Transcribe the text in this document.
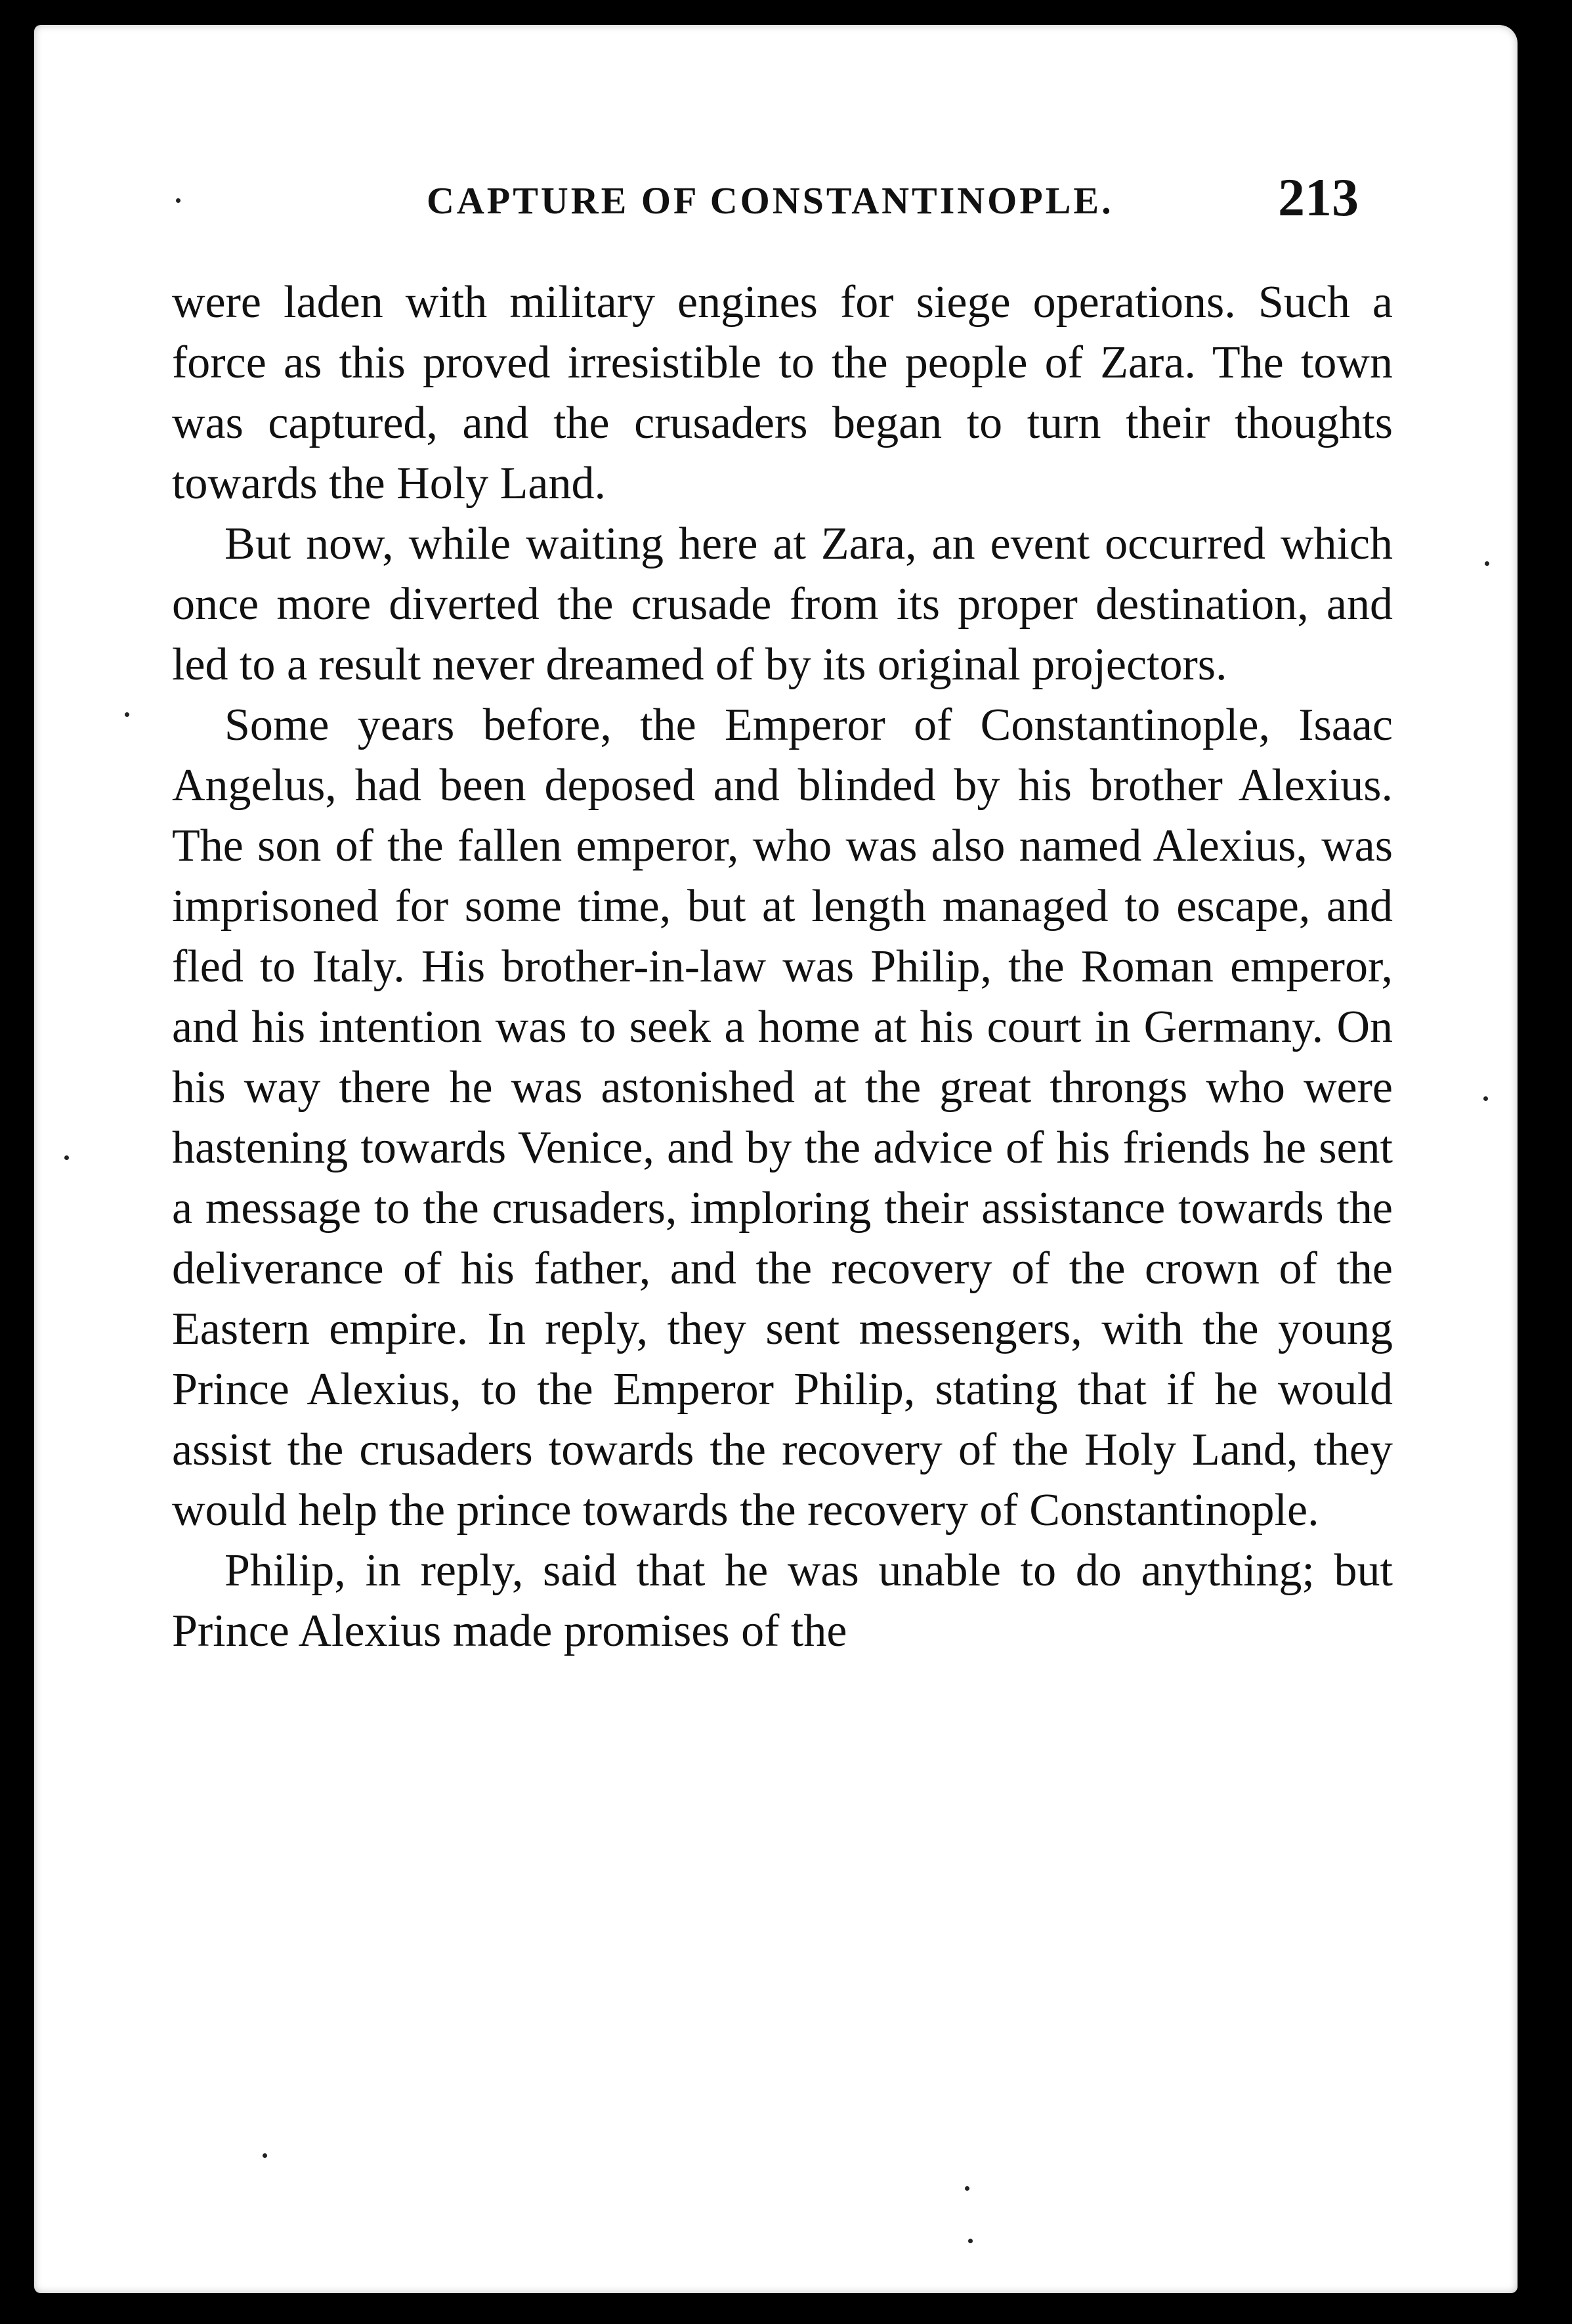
CAPTURE OF CONSTANTINOPLE.	213

were laden with military engines for siege operations. Such a force as this proved irresistible to the people of Zara. The town was captured, and the crusaders began to turn their thoughts towards the Holy Land.

But now, while waiting here at Zara, an event occurred which once more diverted the crusade from its proper destination, and led to a result never dreamed of by its original projectors.

Some years before, the Emperor of Constantinople, Isaac Angelus, had been deposed and blinded by his brother Alexius. The son of the fallen emperor, who was also named Alexius, was imprisoned for some time, but at length managed to escape, and fled to Italy. His brother-in-law was Philip, the Roman emperor, and his intention was to seek a home at his court in Germany. On his way there he was astonished at the great throngs who were hastening towards Venice, and by the advice of his friends he sent a message to the crusaders, imploring their assistance towards the deliverance of his father, and the recovery of the crown of the Eastern empire. In reply, they sent messengers, with the young Prince Alexius, to the Emperor Philip, stating that if he would assist the crusaders towards the recovery of the Holy Land, they would help the prince towards the recovery of Constantinople.

Philip, in reply, said that he was unable to do anything; but Prince Alexius made promises of the
